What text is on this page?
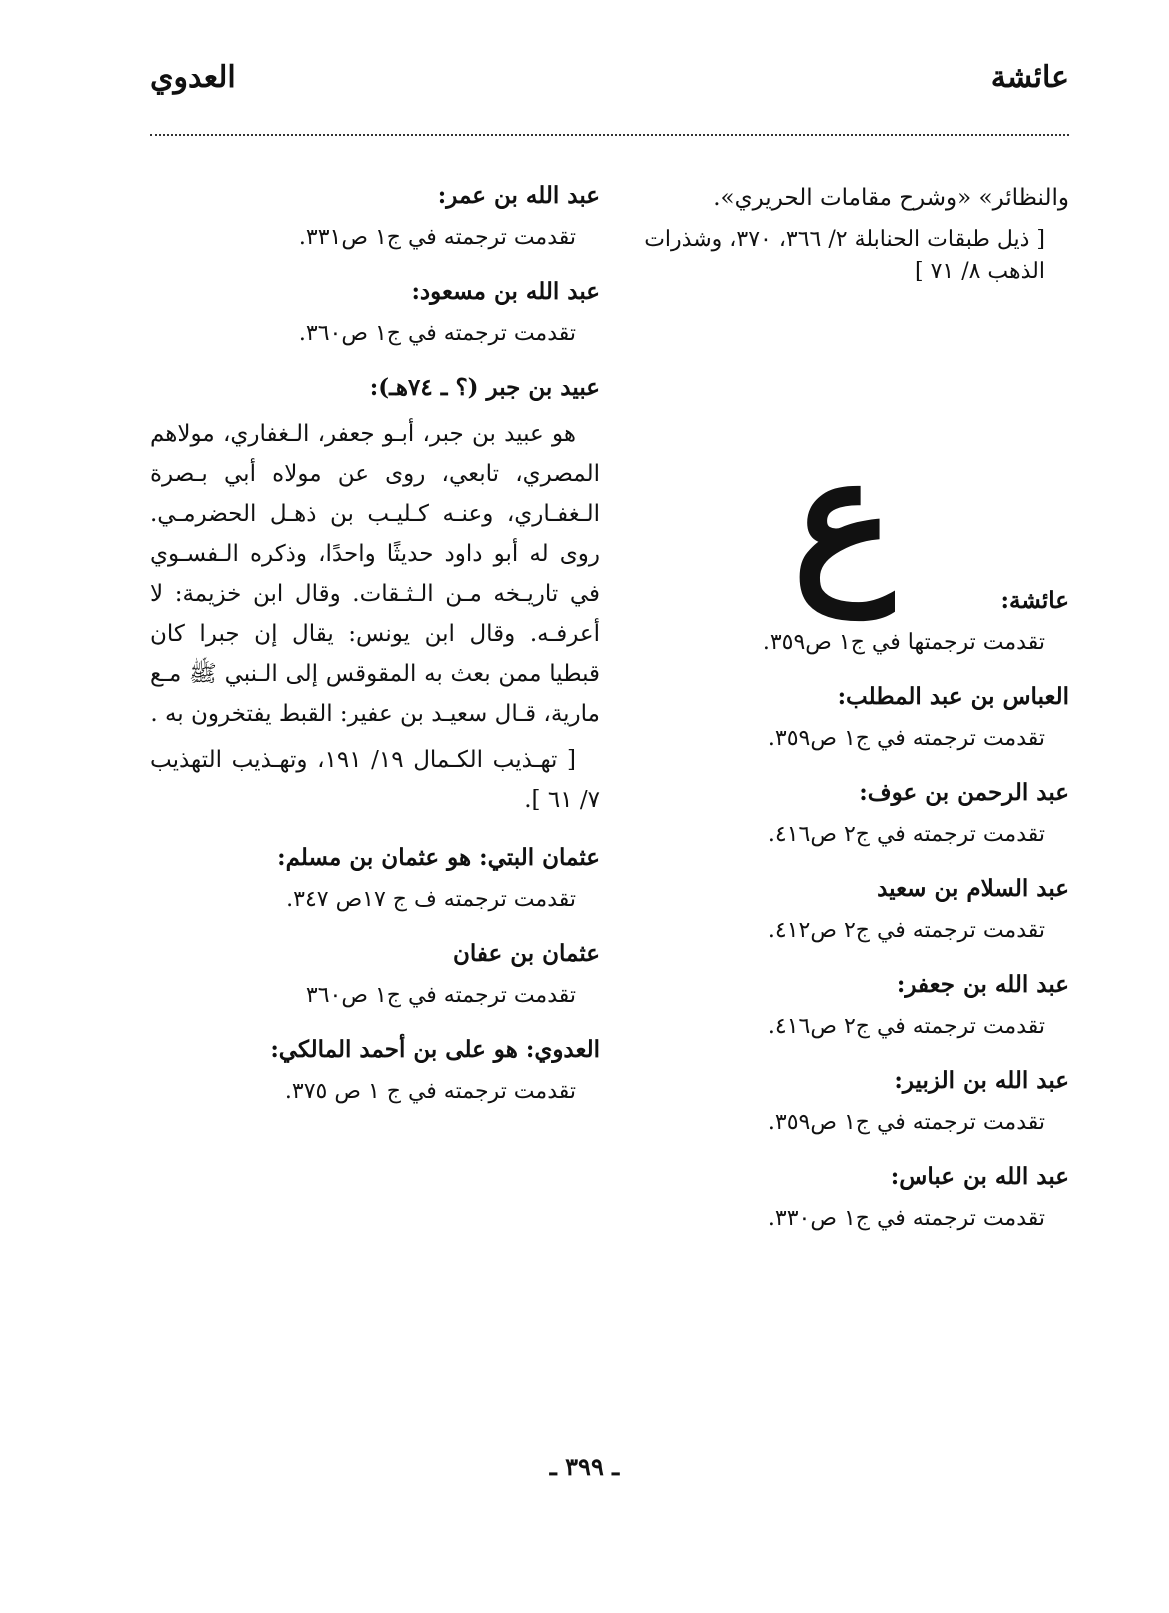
عائشة
العدوي

والنظائر» «وشرح مقامات الحريري».

[ ذيل طبقات الحنابلة ٢/ ٣٦٦، ٣٧٠، وشذرات الذهب ٨/ ٧١ ]

ع	عائشة:

تقدمت ترجمتها في ج١ ص٣٥٩.

العباس بن عبد المطلب:

تقدمت ترجمته في ج١ ص٣٥٩.

عبد الرحمن بن عوف:

تقدمت ترجمته في ج٢ ص٤١٦.

عبد السلام بن سعيد

تقدمت ترجمته في ج٢ ص٤١٢.

عبد الله بن جعفر:

تقدمت ترجمته في ج٢ ص٤١٦.

عبد الله بن الزبير:

تقدمت ترجمته في ج١ ص٣٥٩.

عبد الله بن عباس:

تقدمت ترجمته في ج١ ص٣٣٠.

عبد الله بن عمر:

تقدمت ترجمته في ج١ ص٣٣١.

عبد الله بن مسعود:

تقدمت ترجمته في ج١ ص٣٦٠.

عبيد بن جبر (؟ ـ ٧٤هـ):

هو عبيد بن جبر، أبـو جعفر، الـغفاري، مولاهم المصري، تابعي، روى عن مولاه أبي بـصرة الـغفـاري، وعنـه كـليـب بن ذهـل الحضرمـي. روى له أبو داود حديثًا واحدًا، وذكره الـفسـوي في تاريـخه مـن الـثـقات. وقال ابن خزيمة: لا أعرفـه. وقال ابن يونس: يقال إن جبرا كان قبطيا ممن بعث به المقوقس إلى الـنبي ﷺ مـع مارية، قـال سعيـد بن عفير: القبط يفتخرون به .

[ تهـذيب الكـمال ١٩/ ١٩١، وتهـذيب التهذيب ٧/ ٦١ ].

عثمان البتي: هو عثمان بن مسلم:

تقدمت ترجمته ف ج ١٧ص ٣٤٧.

عثمان بن عفان

تقدمت ترجمته في ج١ ص٣٦٠

العدوي: هو على بن أحمد المالكي:

تقدمت ترجمته في ج ١ ص ٣٧٥.

ـ ٣٩٩ ـ
